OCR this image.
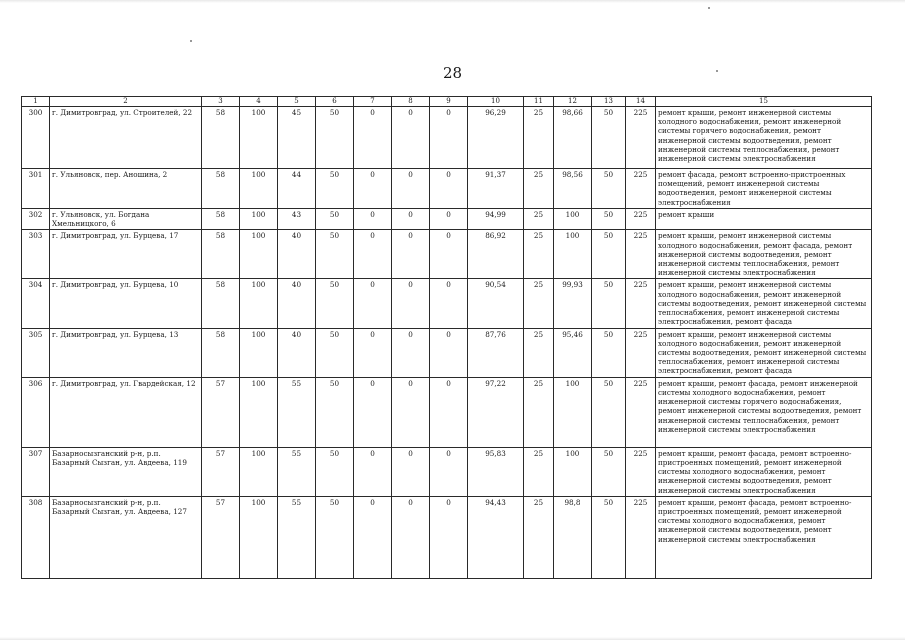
28
1	2	3	4	5	6	7	8	9	10	11	12	13	14	15
300	г. Димитровград, ул. Строителей, 22	58	100	45	50	0	0	0	96,29	25	98,66	50	225	ремонт крыши, ремонт инженерной системы холодного водоснабжения, ремонт инженерной системы горячего водоснабжения, ремонт инженерной системы водоотведения, ремонт инженерной системы теплоснабжения, ремонт инженерной системы электроснабжения
301	г. Ульяновск, пер. Аношина, 2	58	100	44	50	0	0	0	91,37	25	98,56	50	225	ремонт фасада, ремонт встроенно-пристроенных помещений, ремонт инженерной системы водоотведения, ремонт инженерной системы электроснабжения
302	г. Ульяновск, ул. Богдана Хмельницкого, 6	58	100	43	50	0	0	0	94,99	25	100	50	225	ремонт крыши
303	г. Димитровград, ул. Бурцева, 17	58	100	40	50	0	0	0	86,92	25	100	50	225	ремонт крыши, ремонт инженерной системы холодного водоснабжения, ремонт фасада, ремонт инженерной системы водоотведения, ремонт инженерной системы теплоснабжения, ремонт инженерной системы электроснабжения
304	г. Димитровград, ул. Бурцева, 10	58	100	40	50	0	0	0	90,54	25	99,93	50	225	ремонт крыши, ремонт инженерной системы холодного водоснабжения, ремонт инженерной системы водоотведения, ремонт инженерной системы теплоснабжения, ремонт инженерной системы электроснабжения, ремонт фасада
305	г. Димитровград, ул. Бурцева, 13	58	100	40	50	0	0	0	87,76	25	95,46	50	225	ремонт крыши, ремонт инженерной системы холодного водоснабжения, ремонт инженерной системы водоотведения, ремонт инженерной системы теплоснабжения, ремонт инженерной системы электроснабжения, ремонт фасада
306	г. Димитровград, ул. Гвардейская, 12	57	100	55	50	0	0	0	97,22	25	100	50	225	ремонт крыши, ремонт фасада, ремонт инженерной системы холодного водоснабжения, ремонт инженерной системы горячего водоснабжения, ремонт инженерной системы водоотведения, ремонт инженерной системы теплоснабжения, ремонт инженерной системы электроснабжения
307	Базарносызганский р-н, р.п. Базарный Сызган, ул. Авдеева, 119	57	100	55	50	0	0	0	95,83	25	100	50	225	ремонт крыши, ремонт фасада, ремонт встроенно-пристроенных помещений, ремонт инженерной системы холодного водоснабжения, ремонт инженерной системы водоотведения, ремонт инженерной системы электроснабжения
308	Базарносызганский р-н, р.п. Базарный Сызган, ул. Авдеева, 127	57	100	55	50	0	0	0	94,43	25	98,8	50	225	ремонт крыши, ремонт фасада, ремонт встроенно-пристроенных помещений, ремонт инженерной системы холодного водоснабжения, ремонт инженерной системы водоотведения, ремонт инженерной системы электроснабжения
